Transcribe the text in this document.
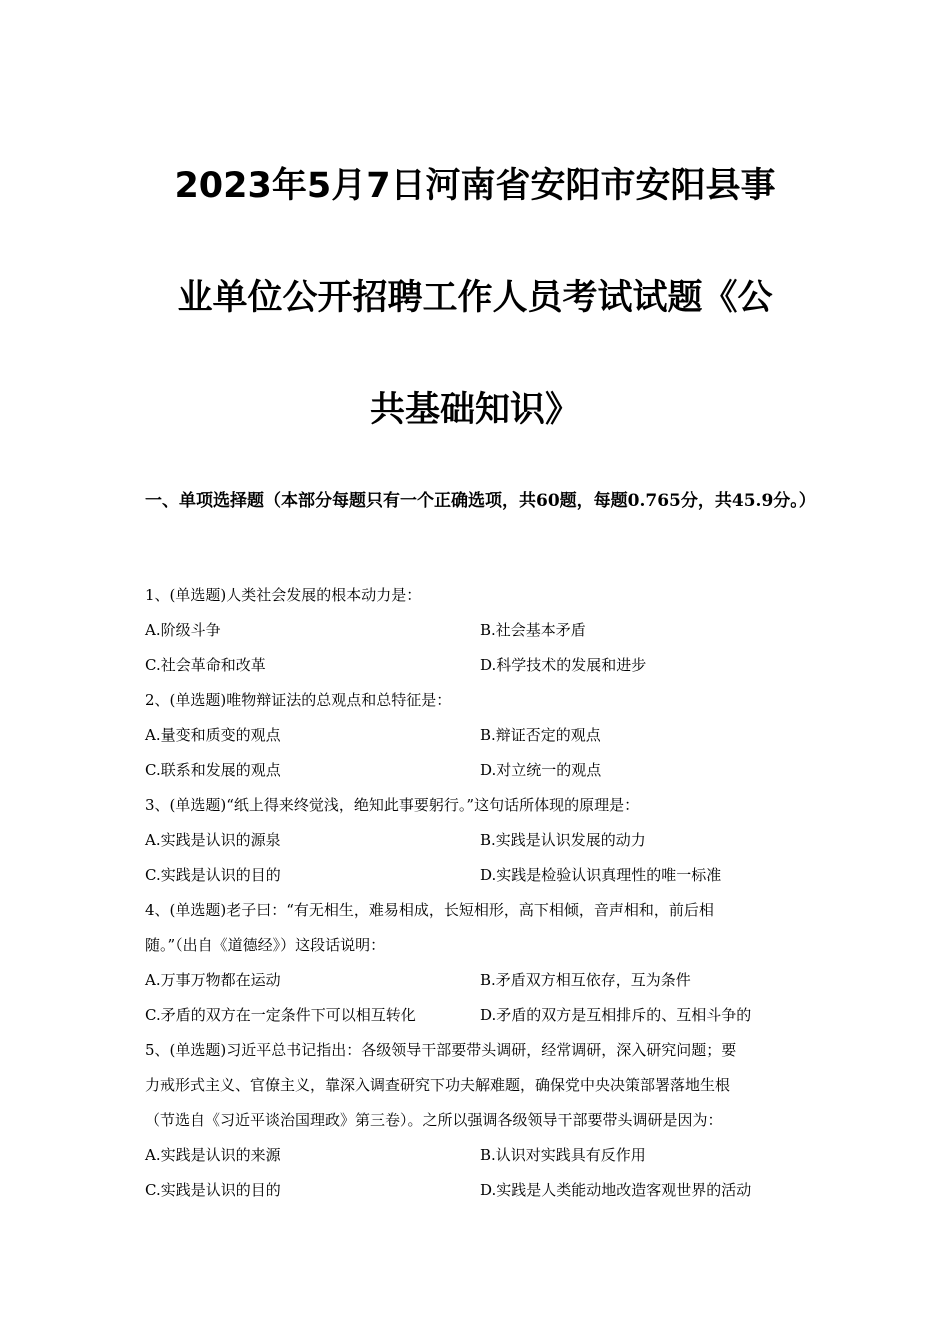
2023年5月7日河南省安阳市安阳县事
业单位公开招聘工作人员考试试题《公
共基础知识》
一、单项选择题（本部分每题只有一个正确选项，共60题，每题0.765分，共45.9分。）
1、(单选题)人类社会发展的根本动力是：
A.阶级斗争	B.社会基本矛盾
C.社会革命和改革	D.科学技术的发展和进步
2、(单选题)唯物辩证法的总观点和总特征是：
A.量变和质变的观点	B.辩证否定的观点
C.联系和发展的观点	D.对立统一的观点
3、(单选题)“纸上得来终觉浅，绝知此事要躬行。”这句话所体现的原理是：
A.实践是认识的源泉	B.实践是认识发展的动力
C.实践是认识的目的	D.实践是检验认识真理性的唯一标准
4、(单选题)老子曰：“有无相生，难易相成，长短相形，高下相倾，音声相和，前后相
随。”（出自《道德经》）这段话说明：
A.万事万物都在运动	B.矛盾双方相互依存，互为条件
C.矛盾的双方在一定条件下可以相互转化	D.矛盾的双方是互相排斥的、互相斗争的
5、(单选题)习近平总书记指出：各级领导干部要带头调研，经常调研，深入研究问题；要
力戒形式主义、官僚主义，靠深入调查研究下功夫解难题，确保党中央决策部署落地生根
（节选自《习近平谈治国理政》第三卷）。之所以强调各级领导干部要带头调研是因为：
A.实践是认识的来源	B.认识对实践具有反作用
C.实践是认识的目的	D.实践是人类能动地改造客观世界的活动
